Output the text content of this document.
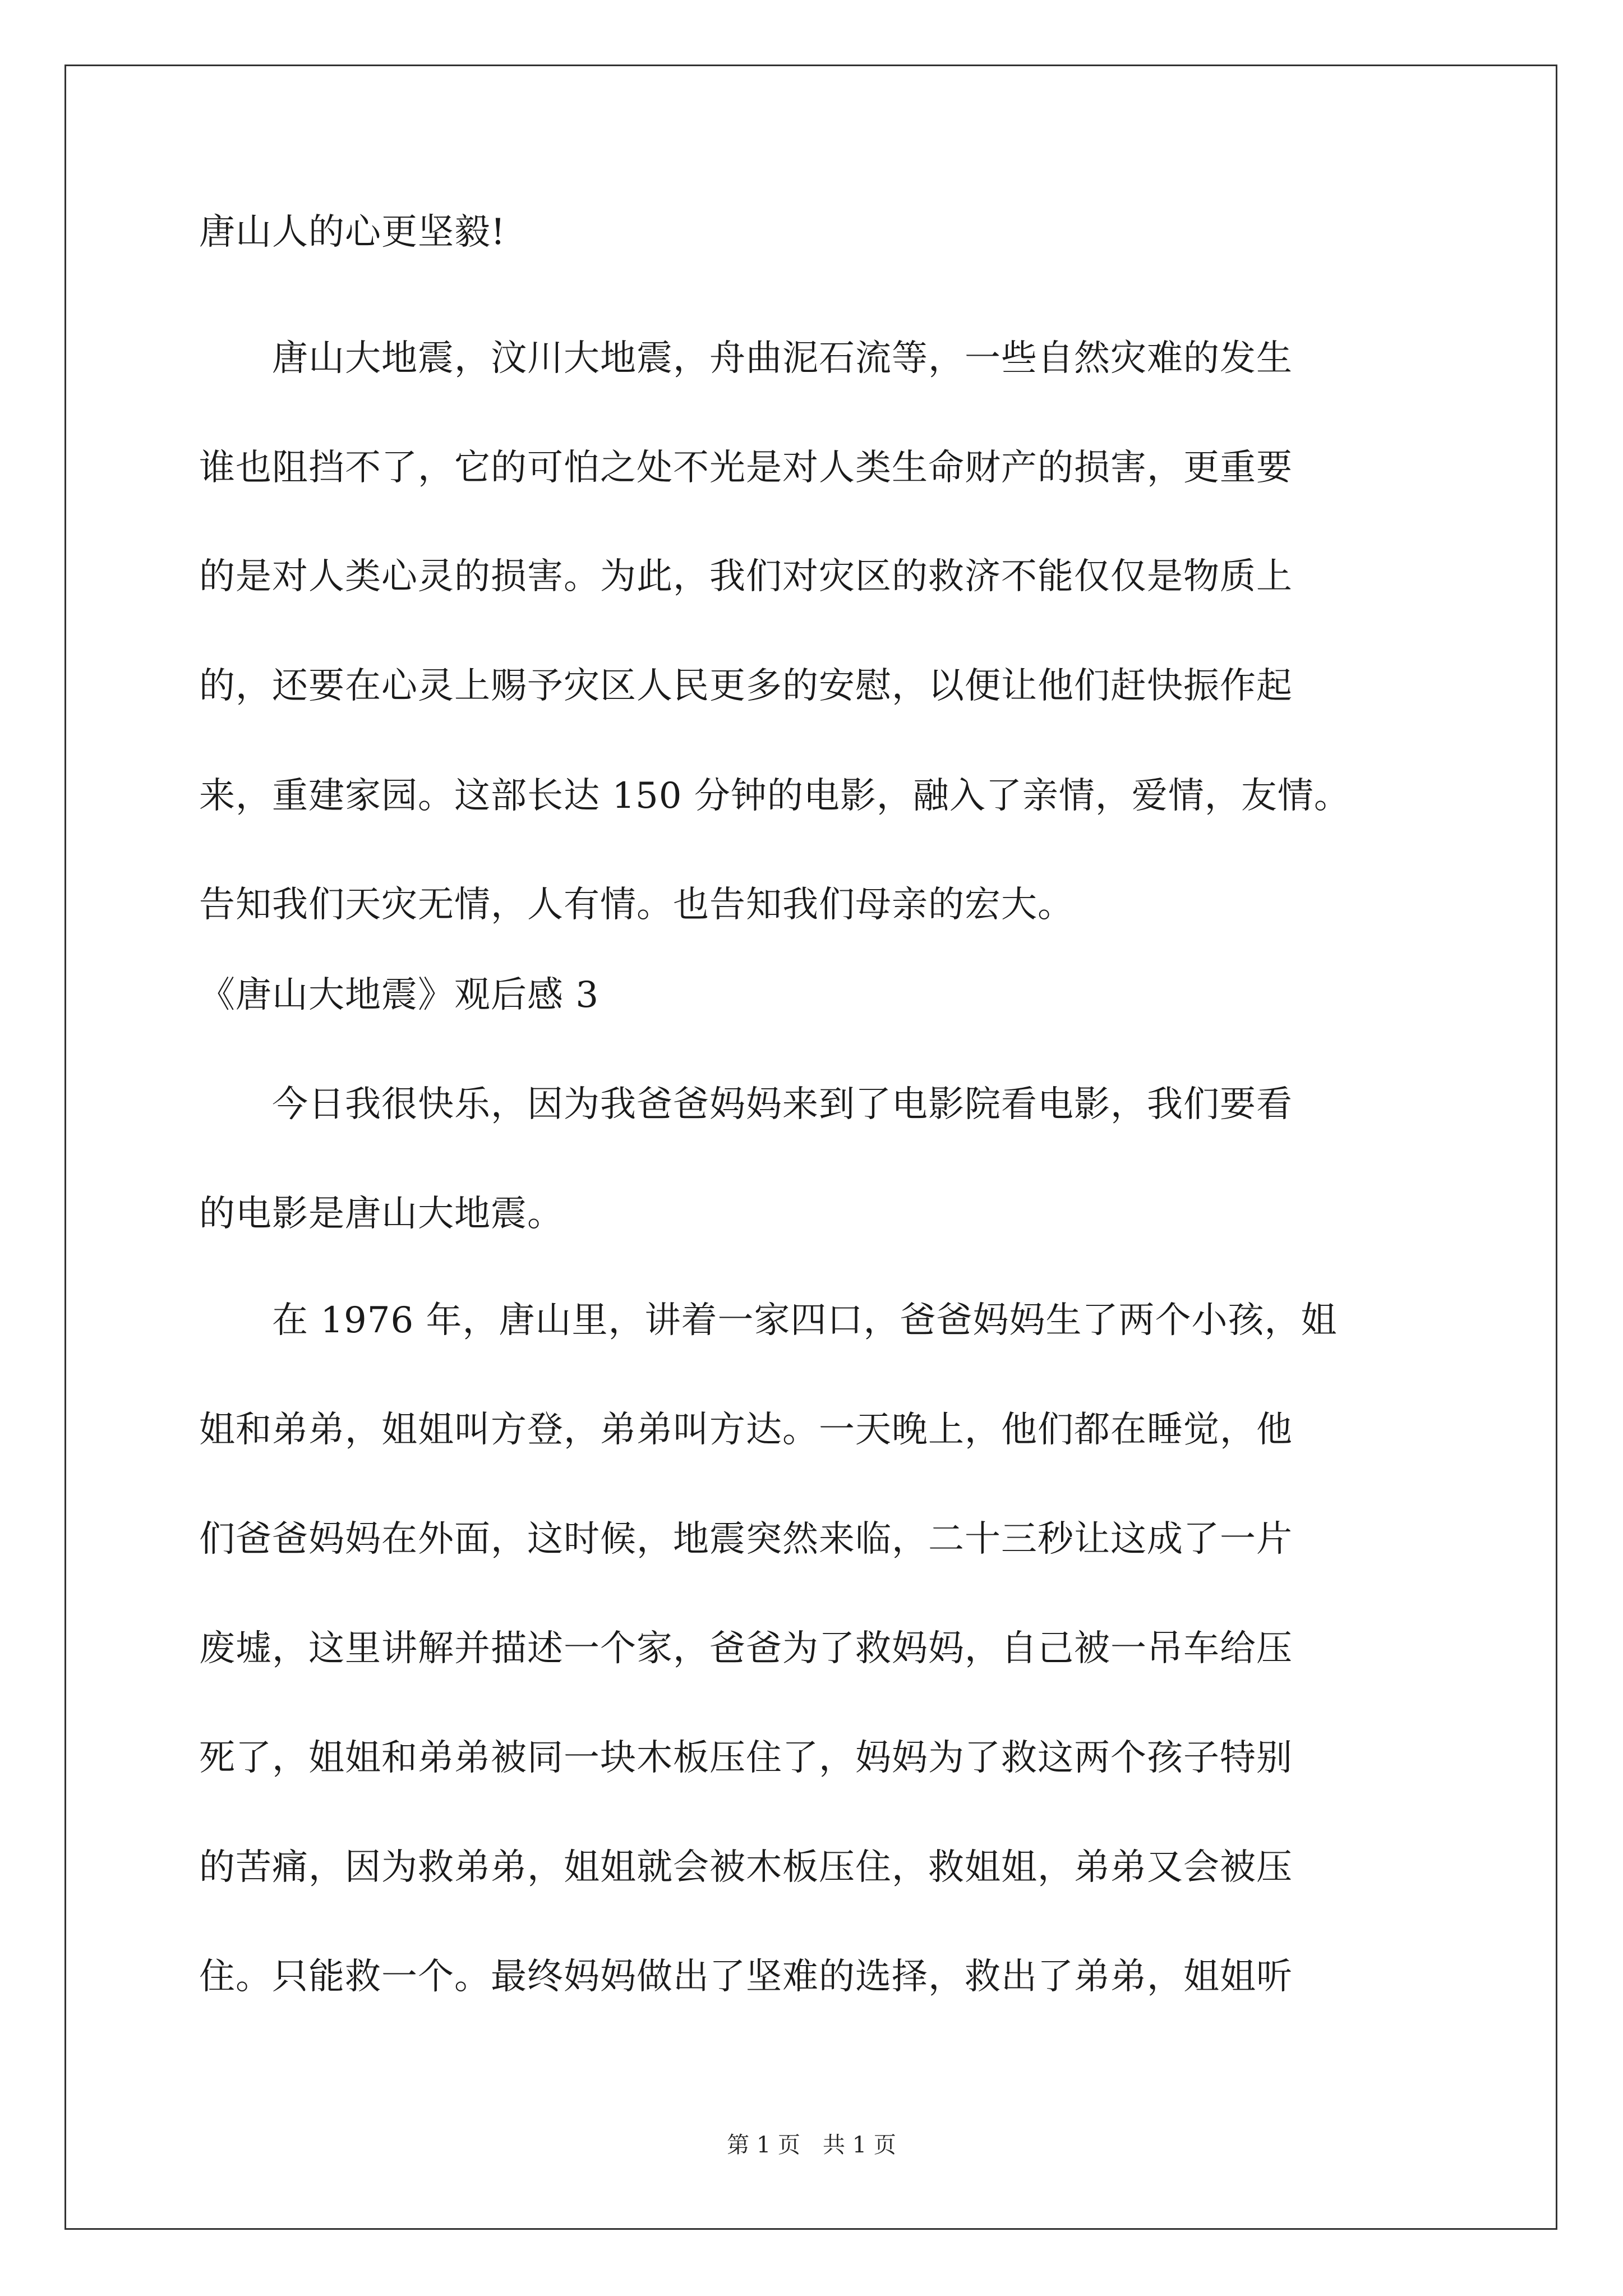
唐山人的心更坚毅!
　　唐山大地震，汶川大地震，舟曲泥石流等，一些自然灾难的发生
谁也阻挡不了，它的可怕之处不光是对人类生命财产的损害，更重要
的是对人类心灵的损害。为此，我们对灾区的救济不能仅仅是物质上
的，还要在心灵上赐予灾区人民更多的安慰，以便让他们赶快振作起
来，重建家园。这部长达 150 分钟的电影，融入了亲情，爱情，友情。
告知我们天灾无情，人有情。也告知我们母亲的宏大。
《唐山大地震》观后感 3
　　今日我很快乐，因为我爸爸妈妈来到了电影院看电影，我们要看
的电影是唐山大地震。
　　在 1976 年，唐山里，讲着一家四口，爸爸妈妈生了两个小孩，姐
姐和弟弟，姐姐叫方登，弟弟叫方达。一天晚上，他们都在睡觉，他
们爸爸妈妈在外面，这时候，地震突然来临，二十三秒让这成了一片
废墟，这里讲解并描述一个家，爸爸为了救妈妈，自己被一吊车给压
死了，姐姐和弟弟被同一块木板压住了，妈妈为了救这两个孩子特别
的苦痛，因为救弟弟，姐姐就会被木板压住，救姐姐，弟弟又会被压
住。只能救一个。最终妈妈做出了坚难的选择，救出了弟弟，姐姐听
第 1 页　共 1 页
